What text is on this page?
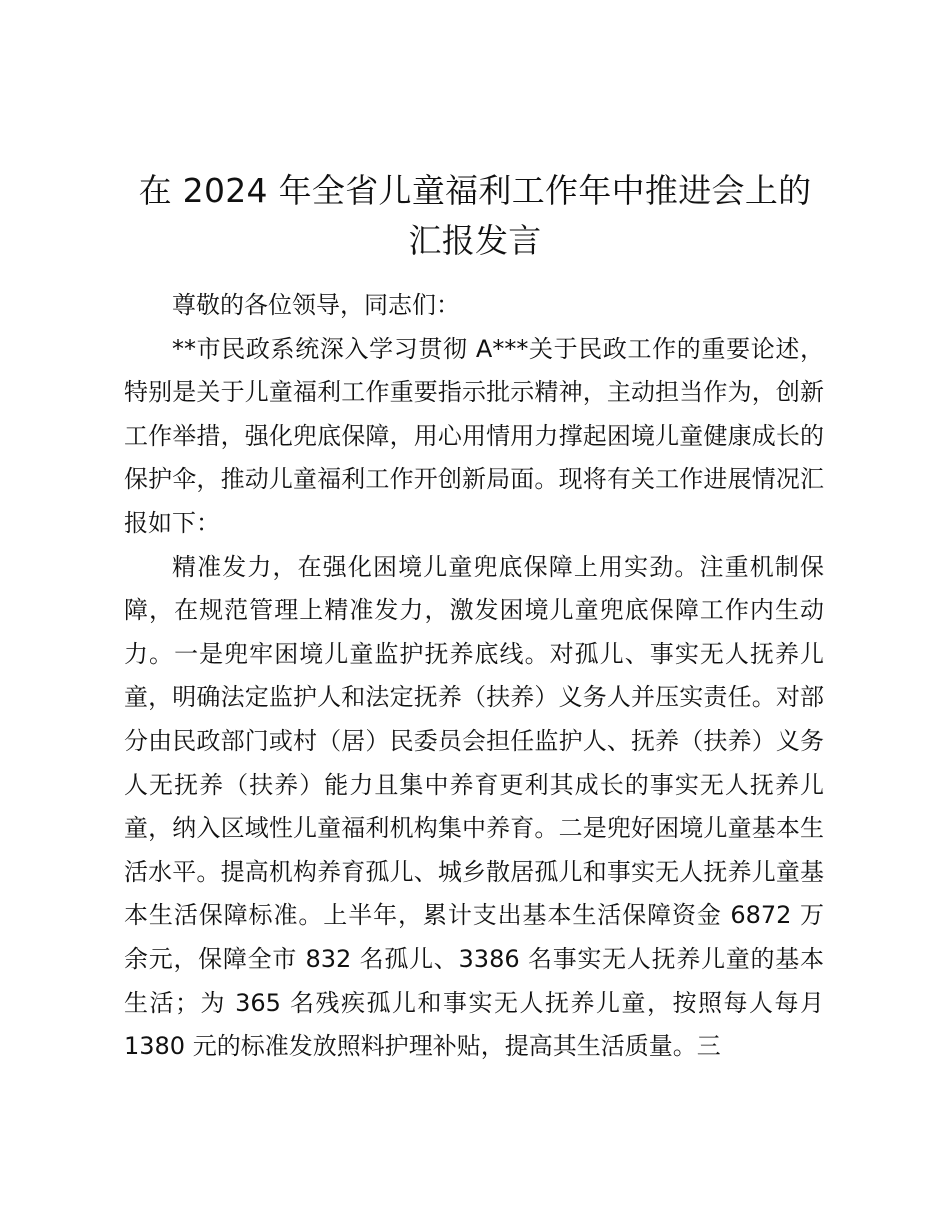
在 2024 年全省儿童福利工作年中推进会上的
汇报发言

尊敬的各位领导，同志们：

**市民政系统深入学习贯彻 A***关于民政工作的重要论述，特别是关于儿童福利工作重要指示批示精神，主动担当作为，创新工作举措，强化兜底保障，用心用情用力撑起困境儿童健康成长的保护伞，推动儿童福利工作开创新局面。现将有关工作进展情况汇报如下：

精准发力，在强化困境儿童兜底保障上用实劲。注重机制保障，在规范管理上精准发力，激发困境儿童兜底保障工作内生动力。一是兜牢困境儿童监护抚养底线。对孤儿、事实无人抚养儿童，明确法定监护人和法定抚养（扶养）义务人并压实责任。对部分由民政部门或村（居）民委员会担任监护人、抚养（扶养）义务人无抚养（扶养）能力且集中养育更利其成长的事实无人抚养儿童，纳入区域性儿童福利机构集中养育。二是兜好困境儿童基本生活水平。提高机构养育孤儿、城乡散居孤儿和事实无人抚养儿童基本生活保障标准。上半年，累计支出基本生活保障资金 6872 万余元，保障全市 832 名孤儿、3386 名事实无人抚养儿童的基本生活；为 365 名残疾孤儿和事实无人抚养儿童，按照每人每月 1380 元的标准发放照料护理补贴，提高其生活质量。三
